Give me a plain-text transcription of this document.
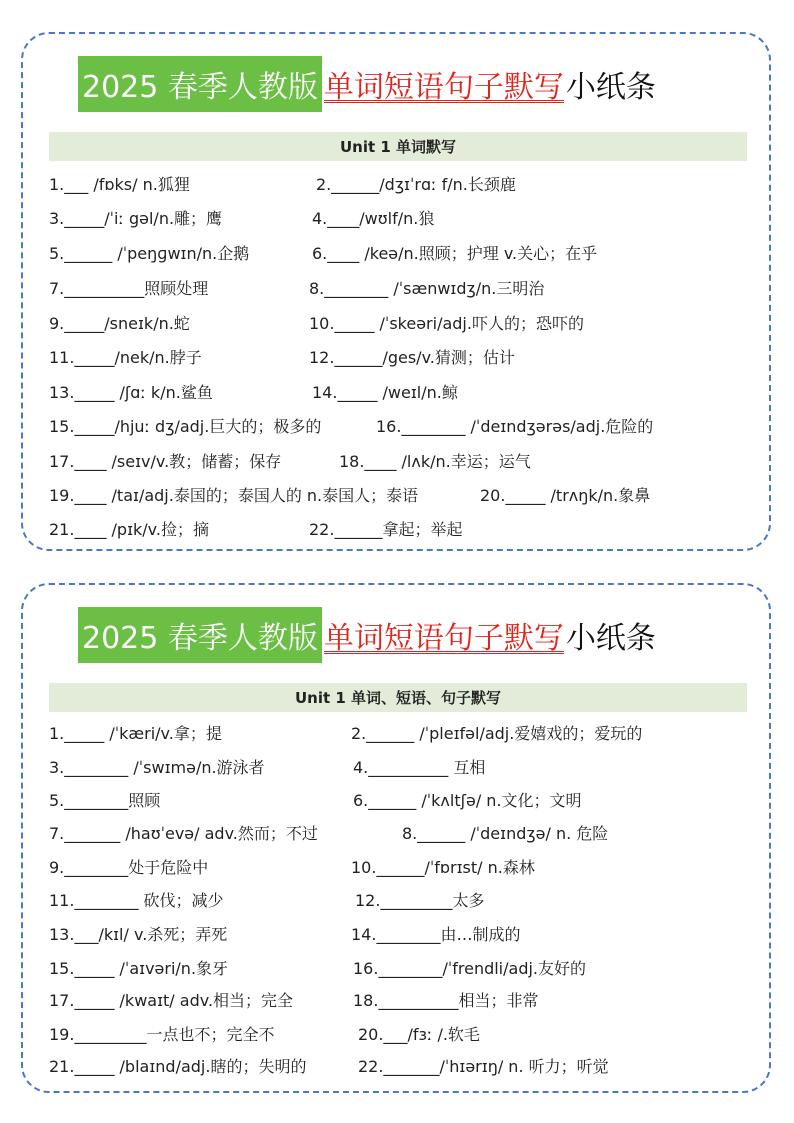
2025 春季人教版 单词短语句子默写 小纸条
Unit 1 单词默写
1.___ /fɒks/ n.狐狸	2.______/dʒɪˈrɑː f/n.长颈鹿
3._____/ˈiː gəl/n.雕；鹰	4.____/wʊlf/n.狼
5.______ /ˈpeŋɡwɪn/n.企鹅	6.____ /keə/n.照顾；护理 v.关心；在乎
7.__________照顾处理	8.________ /ˈsænwɪdʒ/n.三明治
9._____/sneɪk/n.蛇	10._____ /ˈskeəri/adj.吓人的；恐吓的
11._____/nek/n.脖子	12.______/ges/v.猜测；估计
13._____ /ʃɑː k/n.鲨鱼	14._____ /weɪl/n.鲸
15._____/hjuː dʒ/adj.巨大的；极多的	16.________ /ˈdeɪndʒərəs/adj.危险的
17.____ /seɪv/v.教；储蓄；保存	18.____ /lʌk/n.幸运；运气
19.____ /taɪ/adj.泰国的；泰国人的 n.泰国人；泰语	20._____ /trʌŋk/n.象鼻
21.____ /pɪk/v.捡；摘	22.______拿起；举起
2025 春季人教版 单词短语句子默写 小纸条
Unit 1 单词、短语、句子默写
1._____ /ˈkæri/v.拿；提	2.______ /ˈpleɪfəl/adj.爱嬉戏的；爱玩的
3.________ /ˈswɪmə/n.游泳者	4.__________ 互相
5.________照顾	6.______ /ˈkʌltʃə/ n.文化；文明
7._______ /haʊˈevə/ adv.然而；不过	8.______ /ˈdeɪndʒə/ n. 危险
9.________处于危险中	10.______/ˈfɒrɪst/ n.森林
11.________ 砍伐；减少	12._________太多
13.___/kɪl/ v.杀死；弄死	14.________由…制成的
15._____ /ˈaɪvəri/n.象牙	16.________/ˈfrendli/adj.友好的
17._____ /kwaɪt/ adv.相当；完全	18.__________相当；非常
19._________一点也不；完全不	20.___/fɜː /.软毛
21._____ /blaɪnd/adj.瞎的；失明的	22._______/ˈhɪərɪŋ/ n. 听力；听觉
